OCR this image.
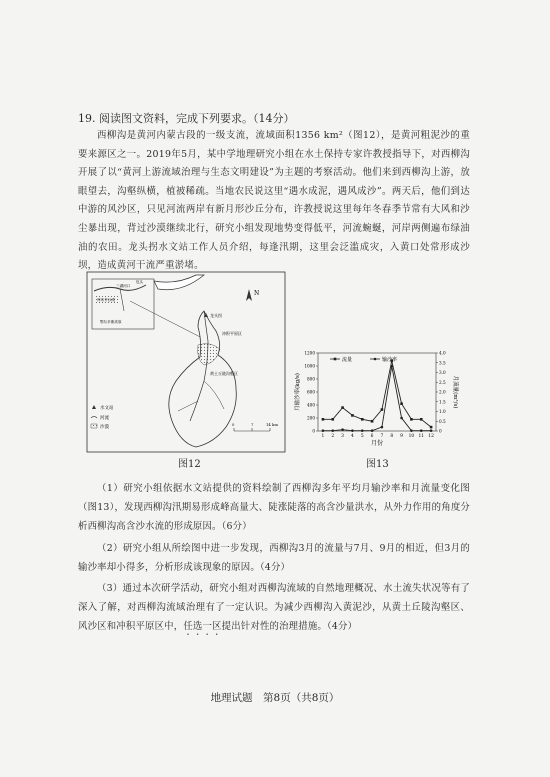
19. 阅读图文资料，完成下列要求。（14分）
西柳沟是黄河内蒙古段的一级支流，流域面积1356 km²（图12），是黄河粗泥沙的重要来源区之一。2019年5月，某中学地理研究小组在水土保持专家许教授指导下，对西柳沟开展了以“黄河上游流域治理与生态文明建设”为主题的考察活动。他们来到西柳沟上游，放眼望去，沟壑纵横，植被稀疏。当地农民说这里“遇水成泥，遇风成沙”。两天后，他们到达中游的风沙区，只见河流两岸有新月形沙丘分布，许教授说这里每年冬春季节常有大风和沙尘暴出现，背过沙漠继续北行，研究小组发现地势变得低平，河流蜿蜒，河岸两侧遍布绿油油的农田。龙头拐水文站工作人员介绍，每逢汛期，这里会泛滥成灾，入黄口处常形成沙坝，造成黄河干流严重淤堵。
三湖河口
包头
库布齐沙漠
鄂尔多斯高原
N
龙头拐
冲积平原区
黄土丘陵沟壑区
水文站
河流
沙漠
0	7	14 km
图12
0
200
400
600
800
1000
1200
0
0.5
1.0
1.5
2.0
2.5
3.0
3.5
4.0
1 2 3 4 5 6 7 8 9 10 11 12
月份
月输沙率(kg/s)	月流量(m³/s)
流量	输沙率
图13
（1）研究小组依据水文站提供的资料绘制了西柳沟多年平均月输沙率和月流量变化图（图13），发现西柳沟汛期易形成峰高量大、陡涨陡落的高含沙量洪水，从外力作用的角度分析西柳沟高含沙水流的形成原因。（6分）
（2）研究小组从所绘图中进一步发现，西柳沟3月的流量与7月、9月的相近，但3月的输沙率却小得多，分析形成该现象的原因。（4分）
（3）通过本次研学活动，研究小组对西柳沟流域的自然地理概况、水土流失状况等有了深入了解，对西柳沟流域治理有了一定认识。为减少西柳沟入黄泥沙，从黄土丘陵沟壑区、风沙区和冲积平原区中，任选一区提出针对性的治理措施。（4分）
地理试题　第8页（共8页）
